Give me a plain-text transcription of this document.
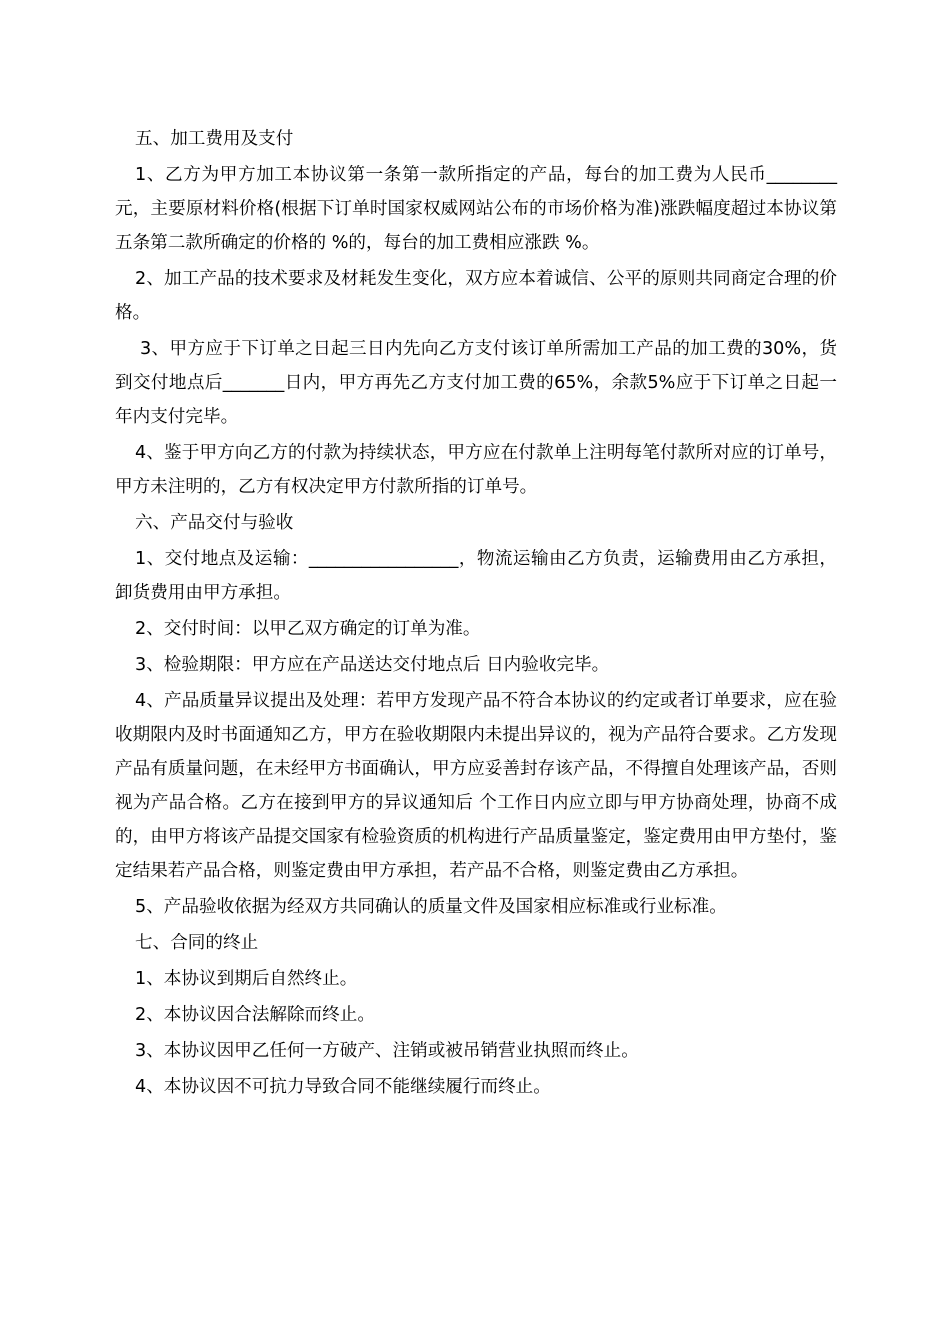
五、加工费用及支付

1、乙方为甲方加工本协议第一条第一款所指定的产品，每台的加工费为人民币________元，主要原材料价格(根据下订单时国家权威网站公布的市场价格为准)涨跌幅度超过本协议第五条第二款所确定的价格的 %的，每台的加工费相应涨跌 %。

2、加工产品的技术要求及材耗发生变化，双方应本着诚信、公平的原则共同商定合理的价格。

3、甲方应于下订单之日起三日内先向乙方支付该订单所需加工产品的加工费的30%，货到交付地点后_______日内，甲方再先乙方支付加工费的65%，余款5%应于下订单之日起一年内支付完毕。

4、鉴于甲方向乙方的付款为持续状态，甲方应在付款单上注明每笔付款所对应的订单号，甲方未注明的，乙方有权决定甲方付款所指的订单号。

六、产品交付与验收

1、交付地点及运输：_________________，物流运输由乙方负责，运输费用由乙方承担，卸货费用由甲方承担。

2、交付时间：以甲乙双方确定的订单为准。

3、检验期限：甲方应在产品送达交付地点后 日内验收完毕。

4、产品质量异议提出及处理：若甲方发现产品不符合本协议的约定或者订单要求，应在验收期限内及时书面通知乙方，甲方在验收期限内未提出异议的，视为产品符合要求。乙方发现产品有质量问题，在未经甲方书面确认，甲方应妥善封存该产品，不得擅自处理该产品，否则视为产品合格。乙方在接到甲方的异议通知后 个工作日内应立即与甲方协商处理，协商不成的，由甲方将该产品提交国家有检验资质的机构进行产品质量鉴定，鉴定费用由甲方垫付，鉴定结果若产品合格，则鉴定费由甲方承担，若产品不合格，则鉴定费由乙方承担。

5、产品验收依据为经双方共同确认的质量文件及国家相应标准或行业标准。

七、合同的终止

1、本协议到期后自然终止。

2、本协议因合法解除而终止。

3、本协议因甲乙任何一方破产、注销或被吊销营业执照而终止。

4、本协议因不可抗力导致合同不能继续履行而终止。
